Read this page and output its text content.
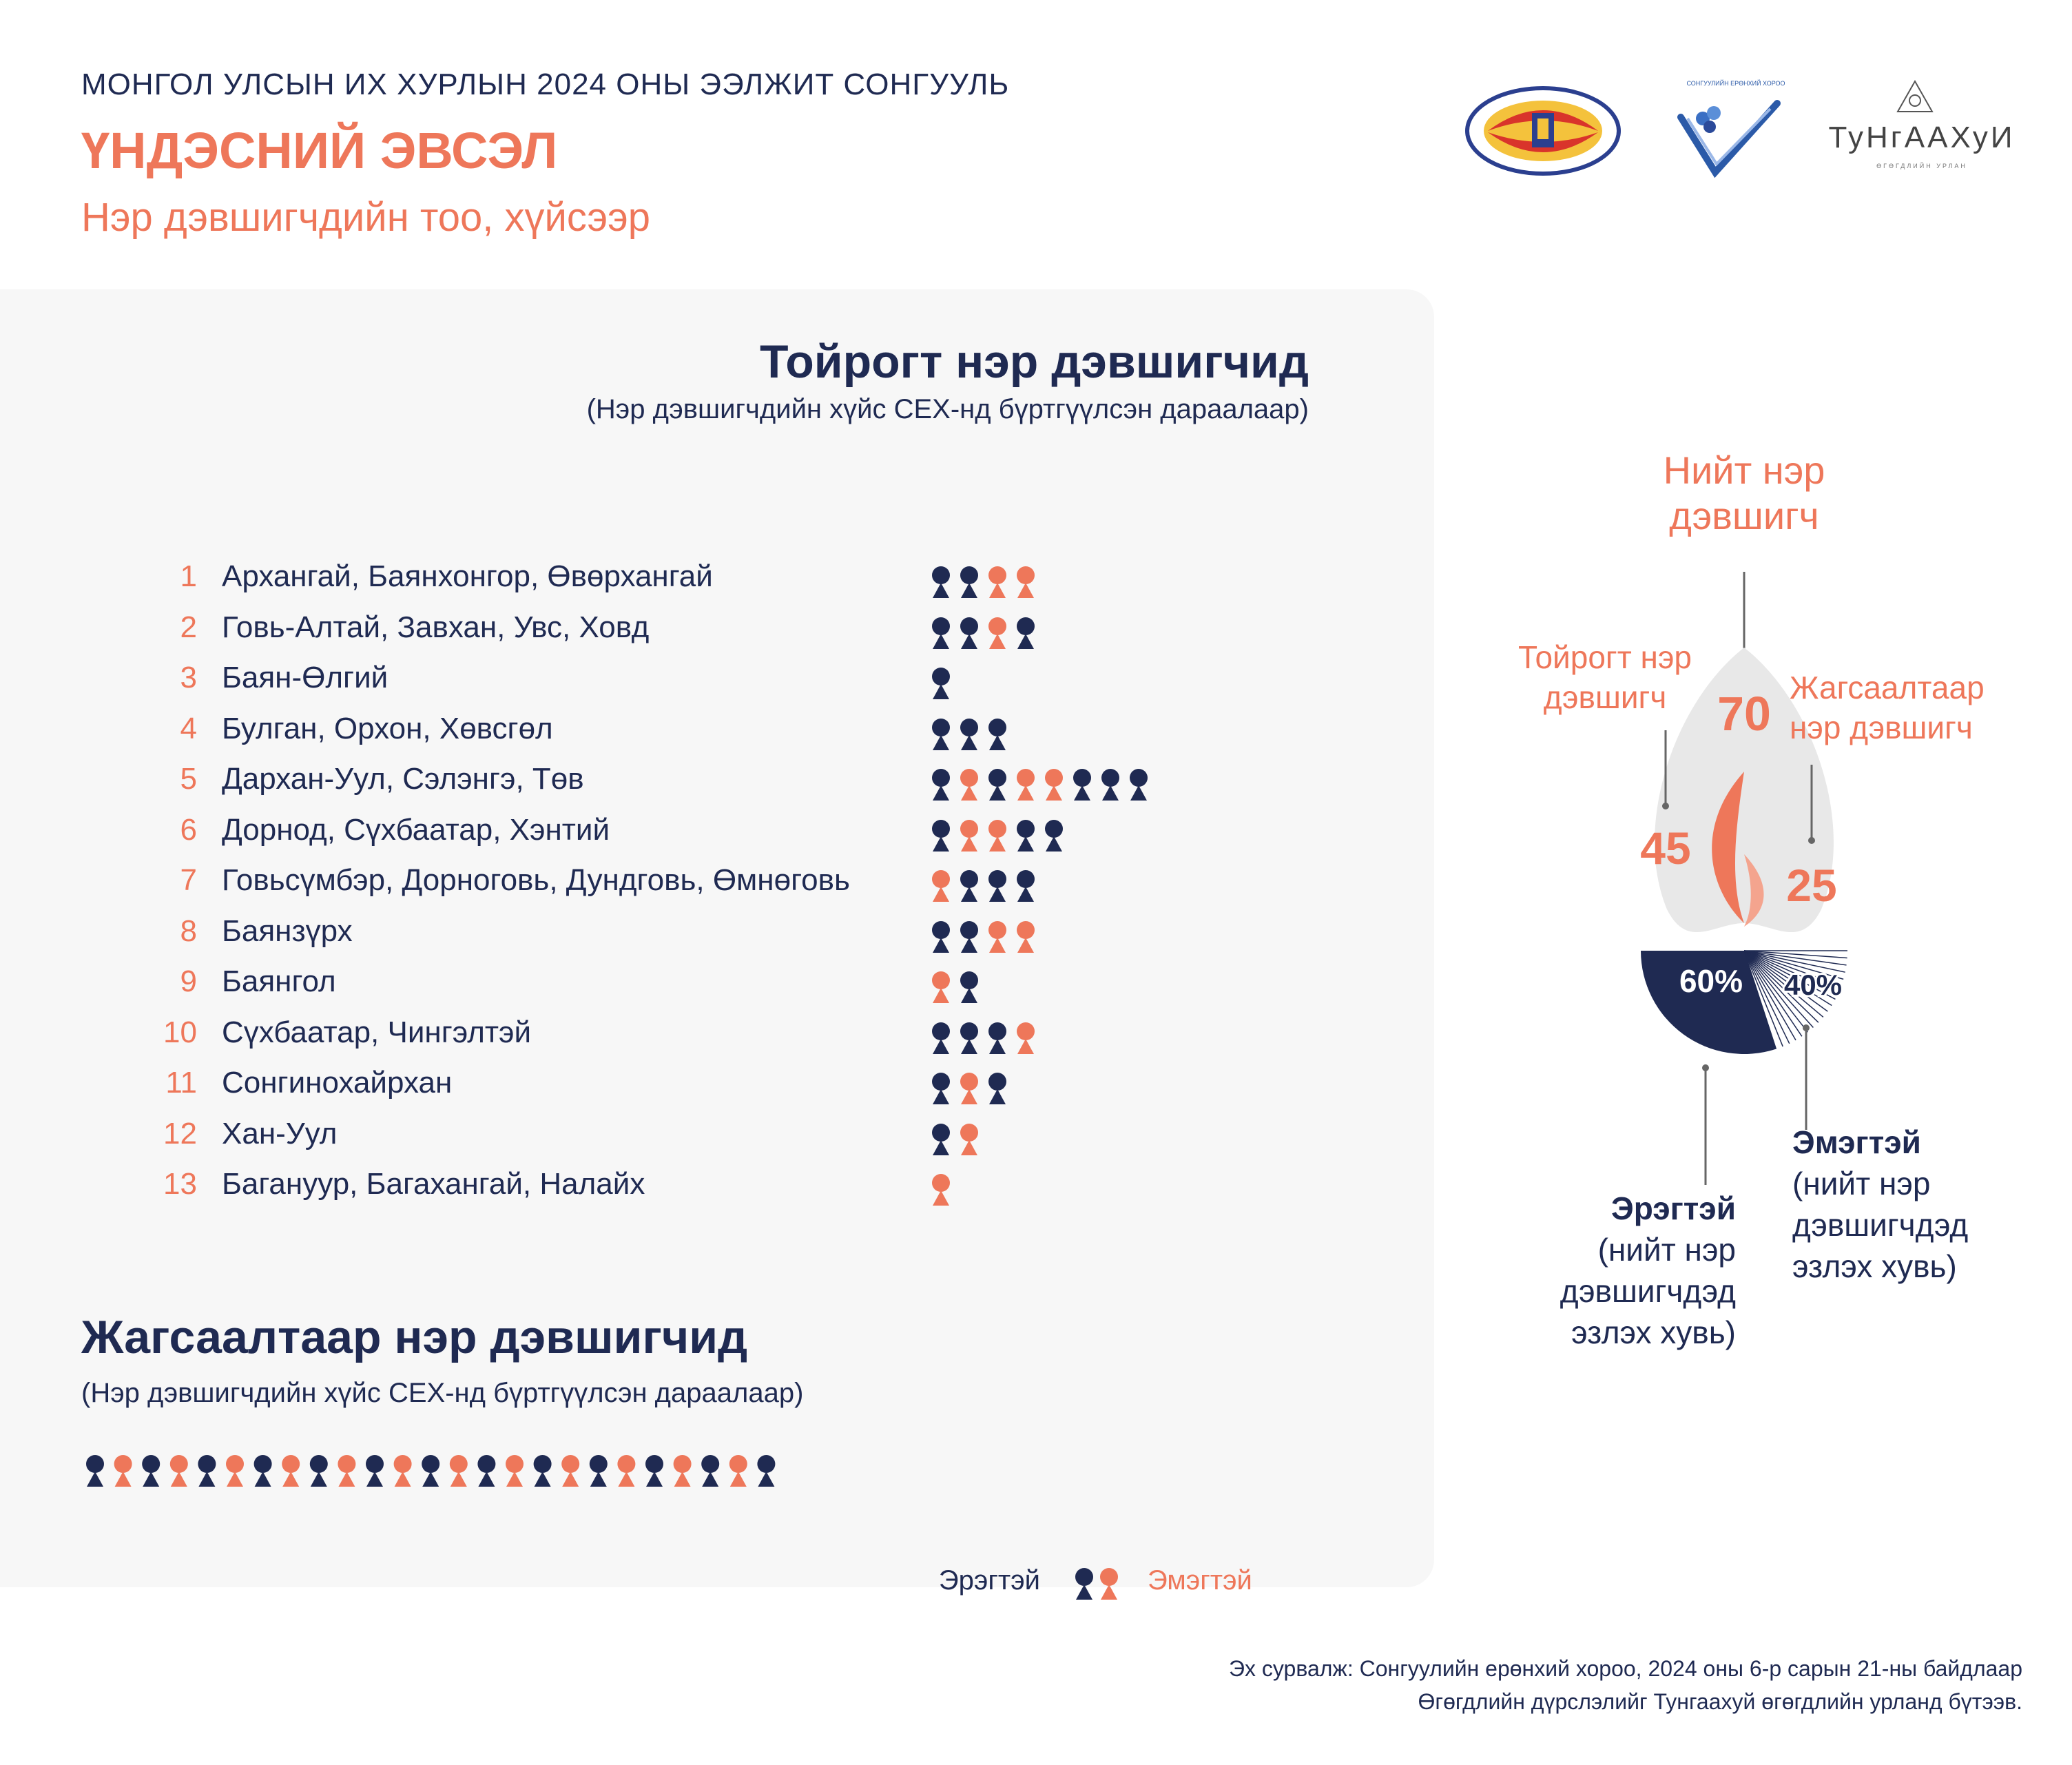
МОНГОЛ УЛСЫН ИХ ХУРЛЫН 2024 ОНЫ ЭЭЛЖИТ СОНГУУЛЬ
ҮНДЭСНИЙ ЭВСЭЛ
Нэр дэвшигчдийн тоо, хүйсээр
СОНГУУЛИЙН ЕРӨНХИЙ ХОРОО
ТуНгААХуИ
ӨГӨГДЛИЙН УРЛАН
Тойрогт нэр дэвшигчид
(Нэр дэвшигчдийн хүйс СЕХ-нд бүртгүүлсэн дараалаар)
1 Архангай, Баянхонгор, Өвөрхангай
2 Говь-Алтай, Завхан, Увс, Ховд
3 Баян-Өлгий
4 Булган, Орхон, Хөвсгөл
5 Дархан-Уул, Сэлэнгэ, Төв
6 Дорнод, Сүхбаатар, Хэнтий
7 Говьсүмбэр, Дорноговь, Дундговь, Өмнөговь
8 Баянзүрх
9 Баянгол
10 Сүхбаатар, Чингэлтэй
11 Сонгинохайрхан
12 Хан-Уул
13 Багануур, Багахангай, Налайх
Жагсаалтаар нэр дэвшигчид
(Нэр дэвшигчдийн хүйс СЕХ-нд бүртгүүлсэн дараалаар)
Эрэгтэй	Эмэгтэй
Нийт нэр
дэвшигч
70
Тойрогт нэр
дэвшигч
45
Жагсаалтаар
нэр дэвшигч
25
60% 40%
Эрэгтэй
(нийт нэр
дэвшигчдэд
эзлэх хувь)
Эмэгтэй
(нийт нэр
дэвшигчдэд
эзлэх хувь)
Эх сурвалж: Сонгуулийн ерөнхий хороо, 2024 оны 6-р сарын 21-ны байдлаар
Өгөгдлийн дүрслэлийг Тунгаахуй өгөгдлийн урланд бүтээв.
